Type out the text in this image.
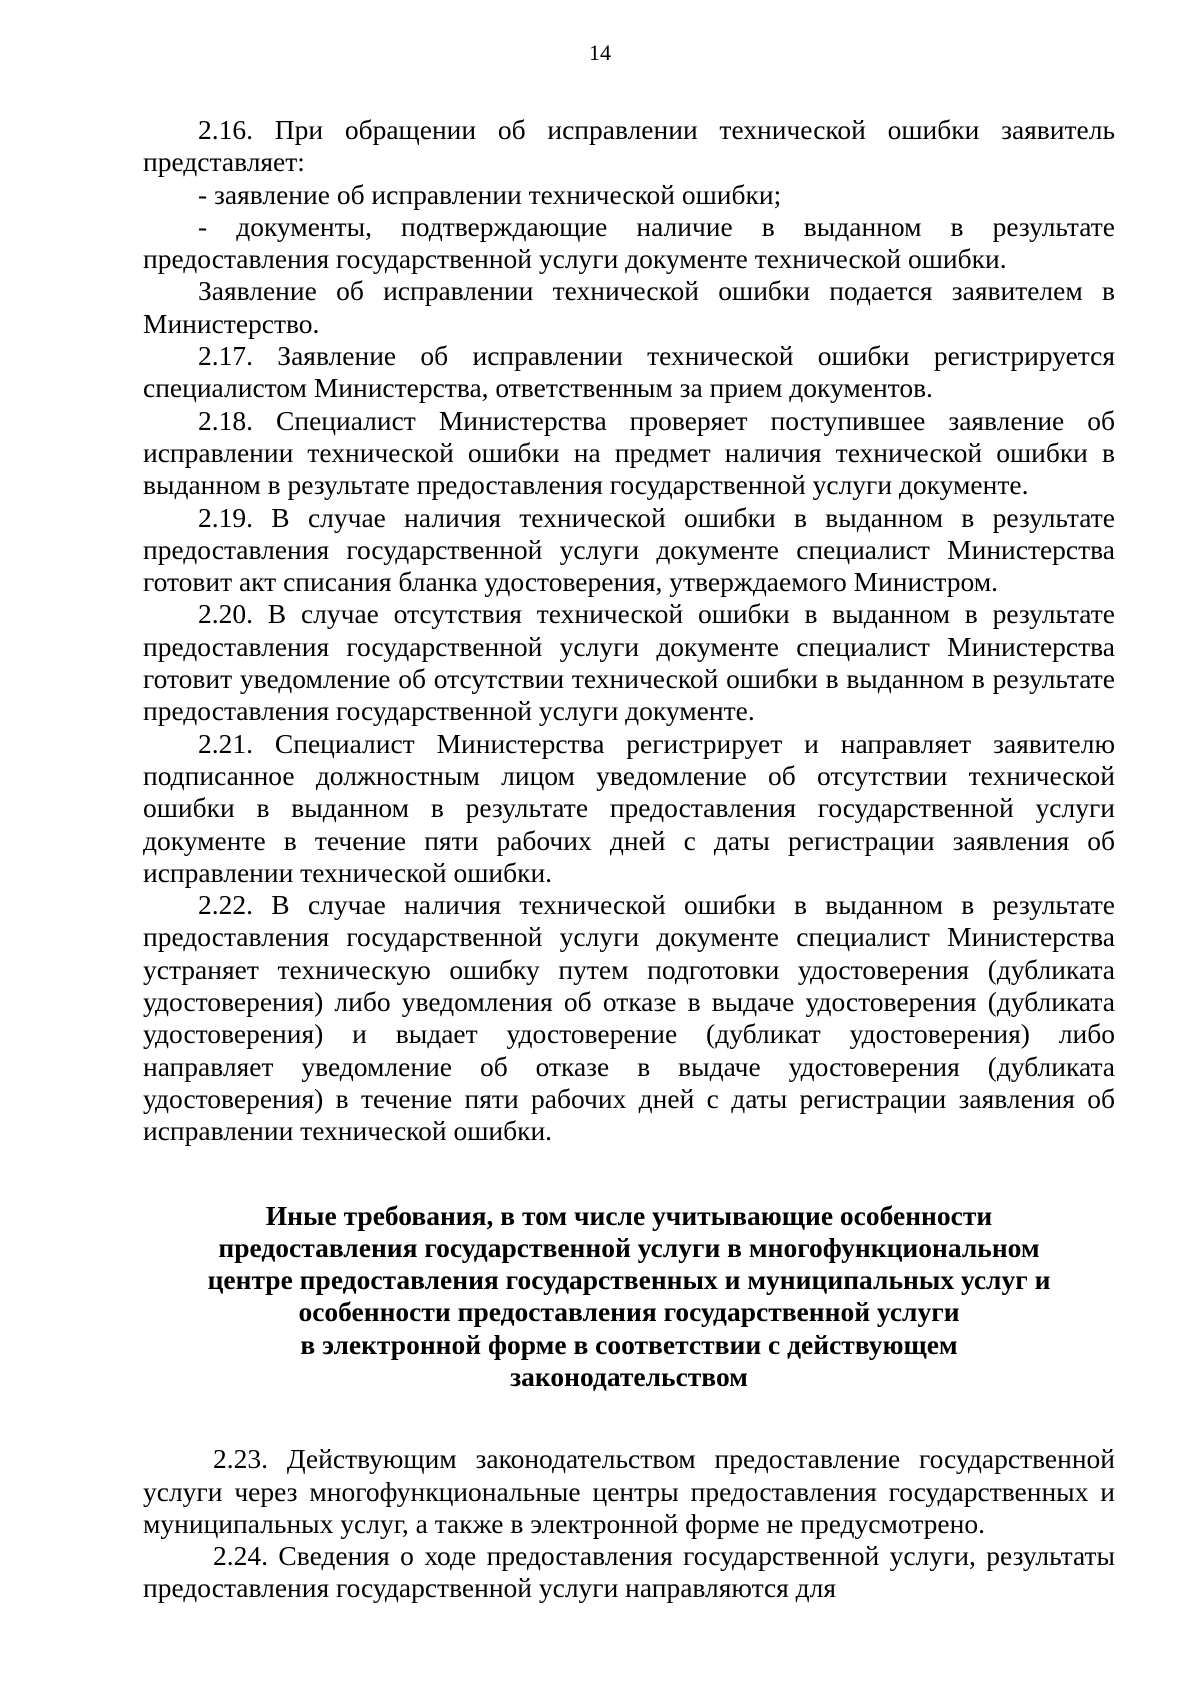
14

2.16. При обращении об исправлении технической ошибки заявитель представляет:

- заявление об исправлении технической ошибки;

- документы, подтверждающие наличие в выданном в результате предоставления государственной услуги документе технической ошибки.

Заявление об исправлении технической ошибки подается заявителем в Министерство.

2.17. Заявление об исправлении технической ошибки регистрируется специалистом Министерства, ответственным за прием документов.

2.18. Специалист Министерства проверяет поступившее заявление об исправлении технической ошибки на предмет наличия технической ошибки в выданном в результате предоставления государственной услуги документе.

2.19. В случае наличия технической ошибки в выданном в результате предоставления государственной услуги документе специалист Министерства готовит акт списания бланка удостоверения, утверждаемого Министром.

2.20. В случае отсутствия технической ошибки в выданном в результате предоставления государственной услуги документе специалист Министерства готовит уведомление об отсутствии технической ошибки в выданном в результате предоставления государственной услуги документе.

2.21. Специалист Министерства регистрирует и направляет заявителю подписанное должностным лицом уведомление об отсутствии технической ошибки в выданном в результате предоставления государственной услуги документе в течение пяти рабочих дней с даты регистрации заявления об исправлении технической ошибки.

2.22. В случае наличия технической ошибки в выданном в результате предоставления государственной услуги документе специалист Министерства устраняет техническую ошибку путем подготовки удостоверения (дубликата удостоверения) либо уведомления об отказе в выдаче удостоверения (дубликата удостоверения) и выдает удостоверение (дубликат удостоверения) либо направляет уведомление об отказе в выдаче удостоверения (дубликата удостоверения) в течение пяти рабочих дней с даты регистрации заявления об исправлении технической ошибки.

Иные требования, в том числе учитывающие особенности
предоставления государственной услуги в многофункциональном
центре предоставления государственных и муниципальных услуг и
особенности предоставления государственной услуги
в электронной форме в соответствии с действующем
законодательством

2.23. Действующим законодательством предоставление государственной услуги через многофункциональные центры предоставления государственных и муниципальных услуг, а также в электронной форме не предусмотрено.

2.24. Сведения о ходе предоставления государственной услуги, результаты предоставления государственной услуги направляются для
